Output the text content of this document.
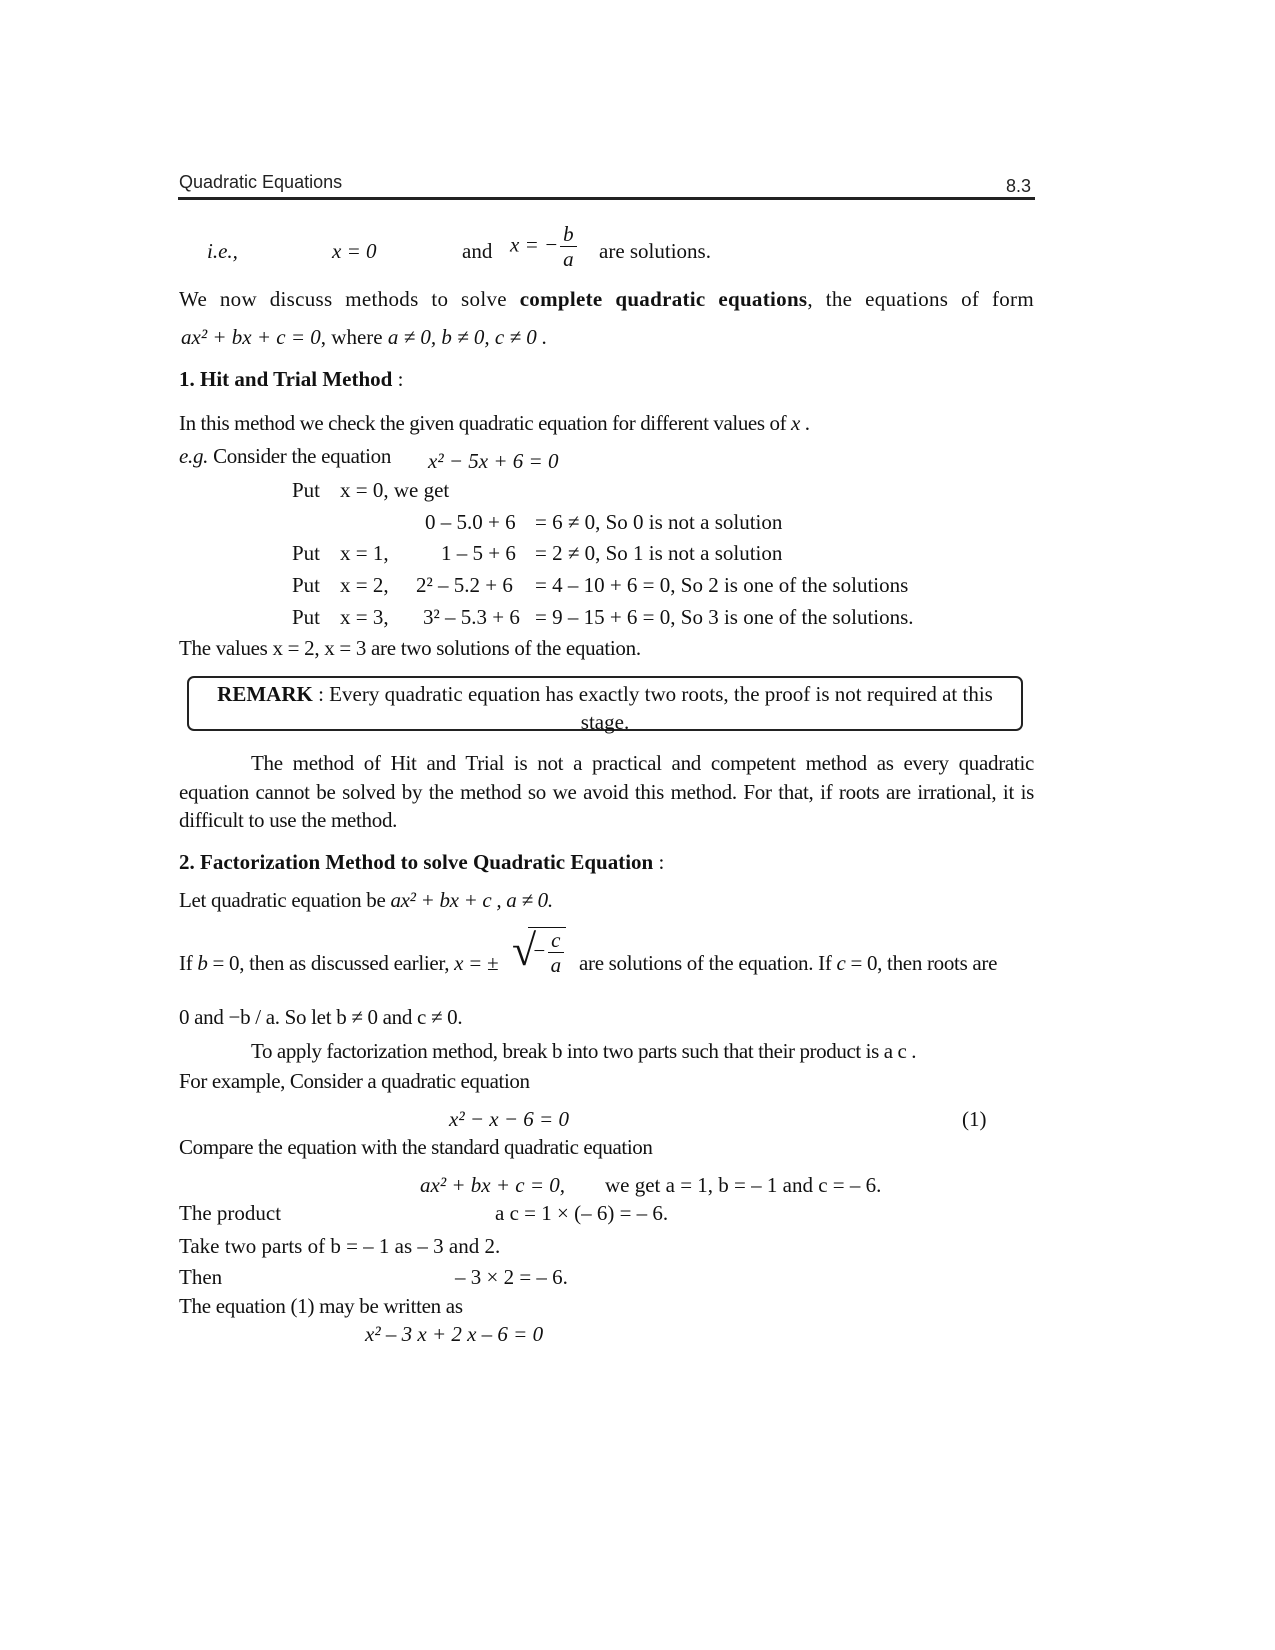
Quadratic Equations	8.3
i.e.,	x = 0	and x = − $\frac{b}{a}$ are solutions.
We now discuss methods to solve complete quadratic equations, the equations of form
ax² + bx + c = 0, where a ≠ 0, b ≠ 0, c ≠ 0 .
1. Hit and Trial Method :
In this method we check the given quadratic equation for different values of x .
e.g. Consider the equation x² − 5x + 6 = 0
Put x = 0, we get
0 – 5.0 + 6 = 6 ≠ 0, So 0 is not a solution
Put x = 1, 1 – 5 + 6 = 2 ≠ 0, So 1 is not a solution
Put x = 2, 2² – 5.2 + 6 = 4 – 10 + 6 = 0, So 2 is one of the solutions
Put x = 3, 3² – 5.3 + 6 = 9 – 15 + 6 = 0, So 3 is one of the solutions.
The values x = 2, x = 3 are two solutions of the equation.
REMARK : Every quadratic equation has exactly two roots, the proof is not required at this stage.
The method of Hit and Trial is not a practical and competent method as every quadratic equation cannot be solved by the method so we avoid this method. For that, if roots are irrational, it is difficult to use the method.
2. Factorization Method to solve Quadratic Equation :
Let quadratic equation be ax² + bx + c , a ≠ 0.
If b = 0, then as discussed earlier, x = ± √
− $\frac{c}{a}$ are solutions of the equation. If c = 0, then roots are
0 and −b / a. So let b ≠ 0 and c ≠ 0.
To apply factorization method, break b into two parts such that their product is a c .
For example, Consider a quadratic equation
x² − x − 6 = 0	(1)
Compare the equation with the standard quadratic equation
ax² + bx + c = 0, we get a = 1, b = – 1 and c = – 6.
The product	a c = 1 × (– 6) = – 6.
Take two parts of b = – 1 as – 3 and 2.
Then	– 3 × 2 = – 6.
The equation (1) may be written as
x² – 3 x + 2 x – 6 = 0
